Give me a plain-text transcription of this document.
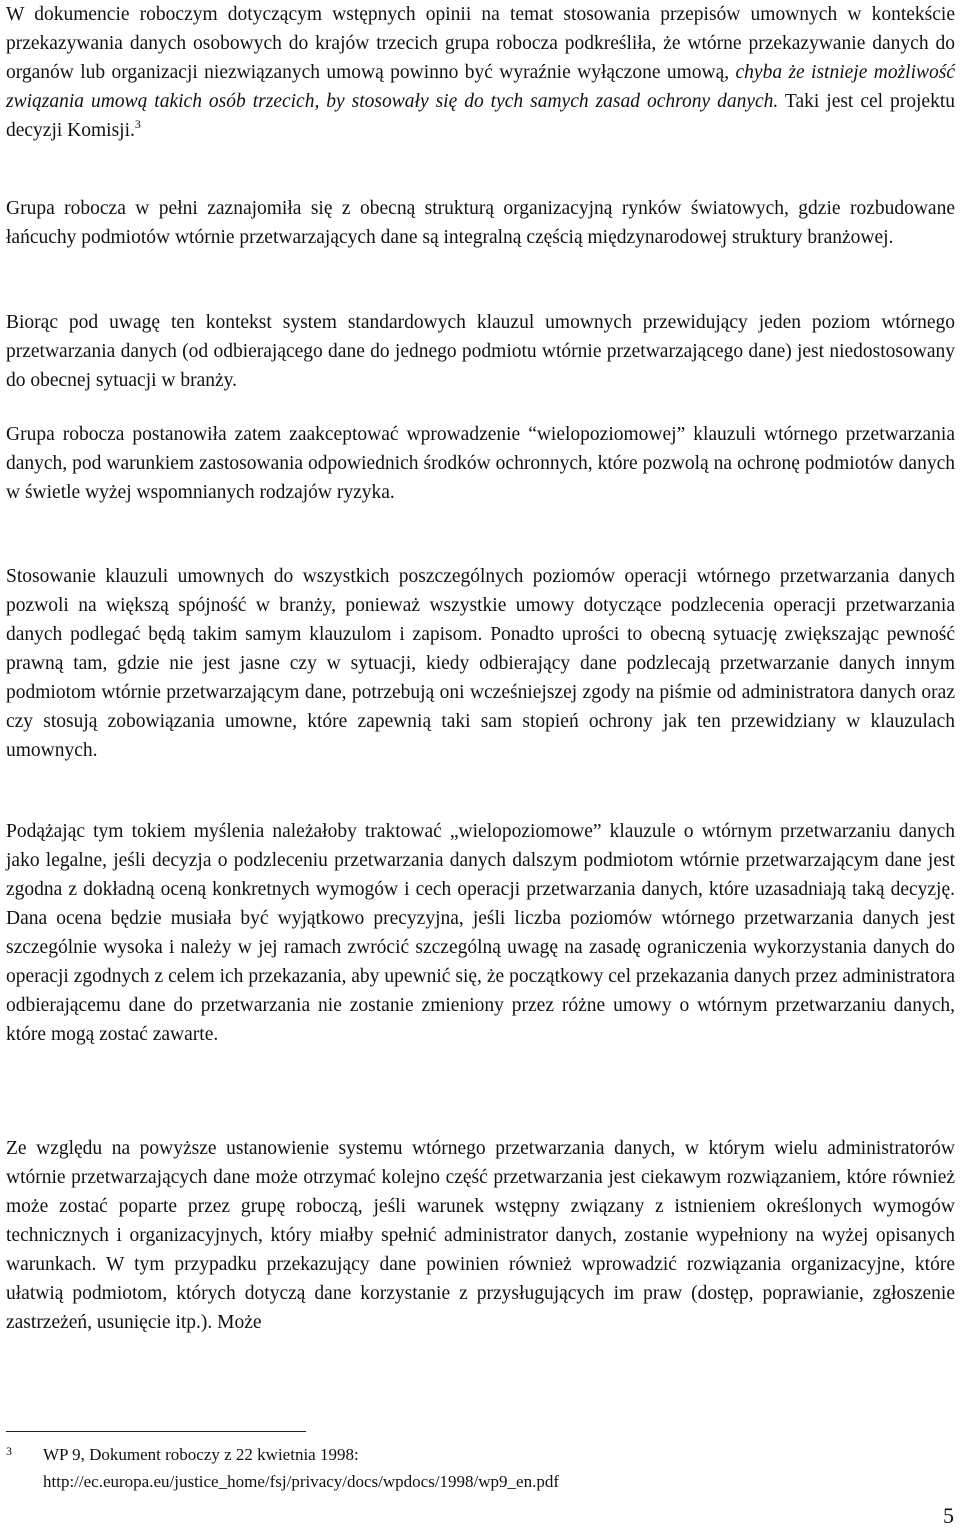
W dokumencie roboczym dotyczącym wstępnych opinii na temat stosowania przepisów umownych w kontekście przekazywania danych osobowych do krajów trzecich grupa robocza podkreśliła, że wtórne przekazywanie danych do organów lub organizacji niezwiązanych umową powinno być wyraźnie wyłączone umową, chyba że istnieje możliwość związania umową takich osób trzecich, by stosowały się do tych samych zasad ochrony danych. Taki jest cel projektu decyzji Komisji.$^3$

Grupa robocza w pełni zaznajomiła się z obecną strukturą organizacyjną rynków światowych, gdzie rozbudowane łańcuchy podmiotów wtórnie przetwarzających dane są integralną częścią międzynarodowej struktury branżowej.

Biorąc pod uwagę ten kontekst system standardowych klauzul umownych przewidujący jeden poziom wtórnego przetwarzania danych (od odbierającego dane do jednego podmiotu wtórnie przetwarzającego dane) jest niedostosowany do obecnej sytuacji w branży.

Grupa robocza postanowiła zatem zaakceptować wprowadzenie “wielopoziomowej” klauzuli wtórnego przetwarzania danych, pod warunkiem zastosowania odpowiednich środków ochronnych, które pozwolą na ochronę podmiotów danych w świetle wyżej wspomnianych rodzajów ryzyka.

Stosowanie klauzuli umownych do wszystkich poszczególnych poziomów operacji wtórnego przetwarzania danych pozwoli na większą spójność w branży, ponieważ wszystkie umowy dotyczące podzlecenia operacji przetwarzania danych podlegać będą takim samym klauzulom i zapisom. Ponadto uprości to obecną sytuację zwiększając pewność prawną tam, gdzie nie jest jasne czy w sytuacji, kiedy odbierający dane podzlecają przetwarzanie danych innym podmiotom wtórnie przetwarzającym dane, potrzebują oni wcześniejszej zgody na piśmie od administratora danych oraz czy stosują zobowiązania umowne, które zapewnią taki sam stopień ochrony jak ten przewidziany w klauzulach umownych.

Podążając tym tokiem myślenia należałoby traktować „wielopoziomowe” klauzule o wtórnym przetwarzaniu danych jako legalne, jeśli decyzja o podzleceniu przetwarzania danych dalszym podmiotom wtórnie przetwarzającym dane jest zgodna z dokładną oceną konkretnych wymogów i cech operacji przetwarzania danych, które uzasadniają taką decyzję. Dana ocena będzie musiała być wyjątkowo precyzyjna, jeśli liczba poziomów wtórnego przetwarzania danych jest szczególnie wysoka i należy w jej ramach zwrócić szczególną uwagę na zasadę ograniczenia wykorzystania danych do operacji zgodnych z celem ich przekazania, aby upewnić się, że początkowy cel przekazania danych przez administratora odbierającemu dane do przetwarzania nie zostanie zmieniony przez różne umowy o wtórnym przetwarzaniu danych, które mogą zostać zawarte.

Ze względu na powyższe ustanowienie systemu wtórnego przetwarzania danych, w którym wielu administratorów wtórnie przetwarzających dane może otrzymać kolejno część przetwarzania jest ciekawym rozwiązaniem, które również może zostać poparte przez grupę roboczą, jeśli warunek wstępny związany z istnieniem określonych wymogów technicznych i organizacyjnych, który miałby spełnić administrator danych, zostanie wypełniony na wyżej opisanych warunkach. W tym przypadku przekazujący dane powinien również wprowadzić rozwiązania organizacyjne, które ułatwią podmiotom, których dotyczą dane korzystanie z przysługujących im praw (dostęp, poprawianie, zgłoszenie zastrzeżeń, usunięcie itp.). Może

3 WP 9, Dokument roboczy z 22 kwietnia 1998:
http://ec.europa.eu/justice_home/fsj/privacy/docs/wpdocs/1998/wp9_en.pdf
5
